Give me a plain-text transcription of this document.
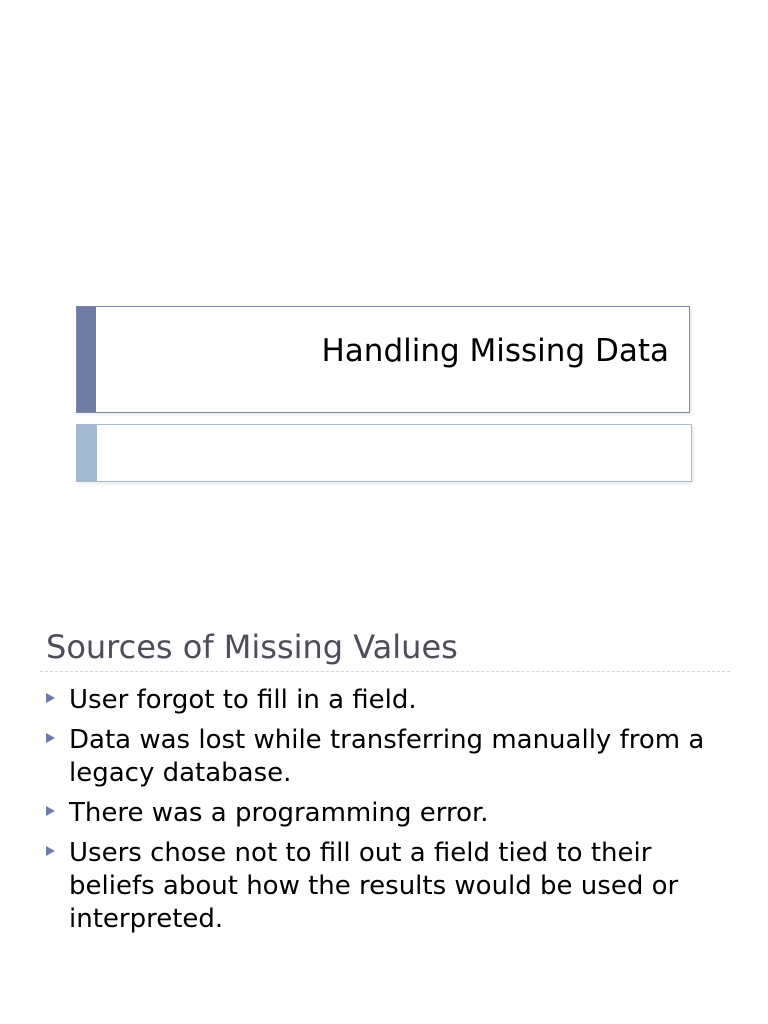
Handling Missing Data
Sources of Missing Values
User forgot to fill in a field.
Data was lost while transferring manually from a legacy database.
There was a programming error.
Users chose not to fill out a field tied to their beliefs about how the results would be used or interpreted.
